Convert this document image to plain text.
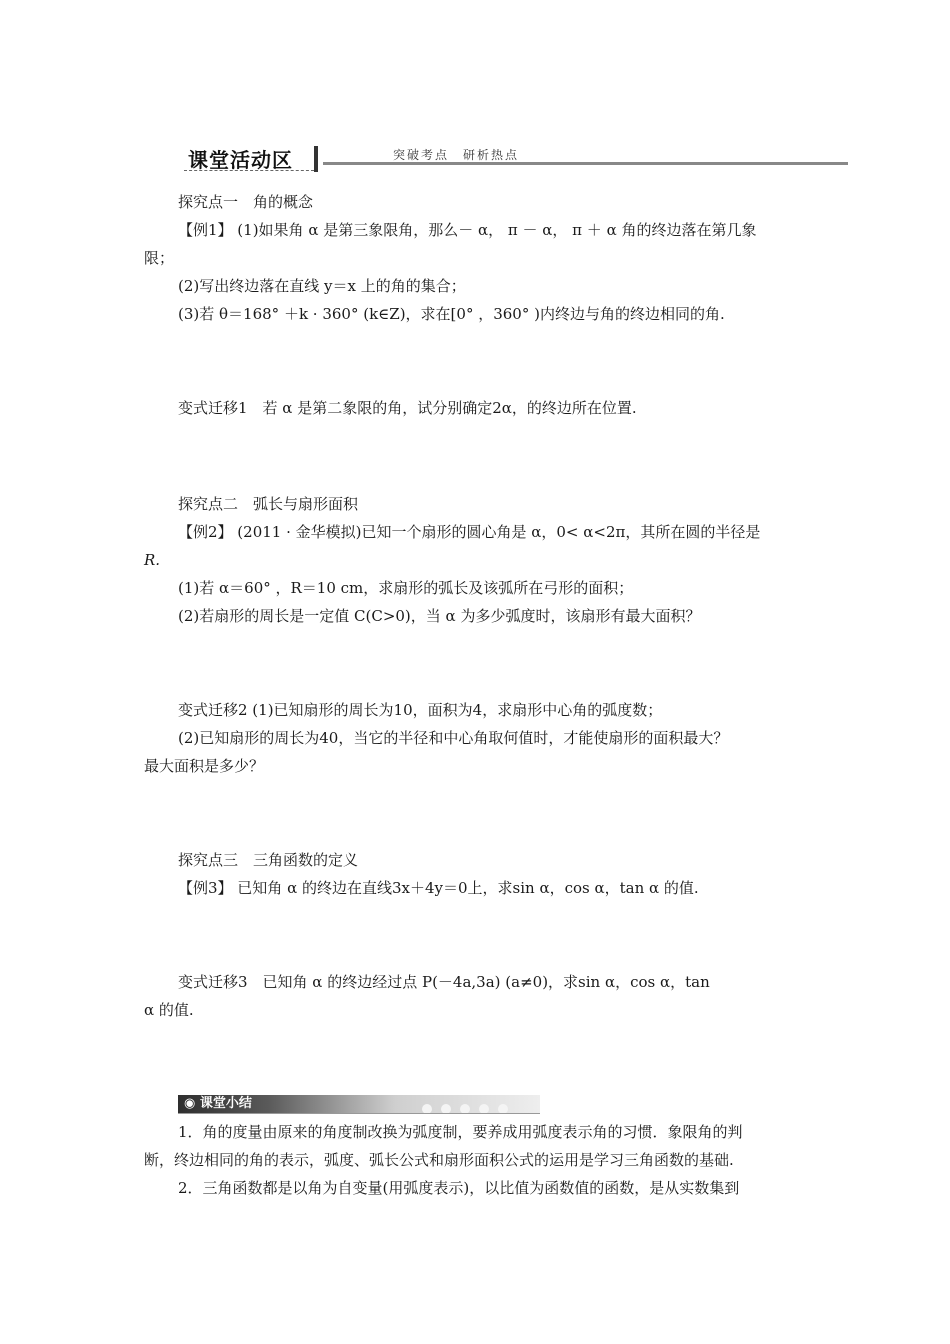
课堂活动区	突破考点　研析热点
探究点一　角的概念
【例1】 (1)如果角 α 是第三象限角，那么－ α， π － α， π ＋ α 角的终边落在第几象
限；
(2)写出终边落在直线 y＝x 上的角的集合；
(3)若 θ＝168° ＋k · 360° (k∈Z)，求在[0° ，360° )内终边与角的终边相同的角.
变式迁移1　若 α 是第二象限的角，试分别确定2α，的终边所在位置.
探究点二　弧长与扇形面积
【例2】 (2011 · 金华模拟)已知一个扇形的圆心角是 α，0< α<2π，其所在圆的半径是
R.
(1)若 α＝60° ，R＝10 cm，求扇形的弧长及该弧所在弓形的面积；
(2)若扇形的周长是一定值 C(C>0)，当 α 为多少弧度时，该扇形有最大面积？
变式迁移2 (1)已知扇形的周长为10，面积为4，求扇形中心角的弧度数；
(2)已知扇形的周长为40，当它的半径和中心角取何值时，才能使扇形的面积最大？
最大面积是多少？
探究点三　三角函数的定义
【例3】 已知角 α 的终边在直线3x＋4y＝0上，求sin α，cos α，tan α 的值.
变式迁移3　已知角 α 的终边经过点 P(－4a,3a) (a≠0)，求sin α，cos α，tan
α 的值.
◉ 课堂小结
1．角的度量由原来的角度制改换为弧度制，要养成用弧度表示角的习惯．象限角的判
断，终边相同的角的表示，弧度、弧长公式和扇形面积公式的运用是学习三角函数的基础.
2．三角函数都是以角为自变量(用弧度表示)，以比值为函数值的函数，是从实数集到
